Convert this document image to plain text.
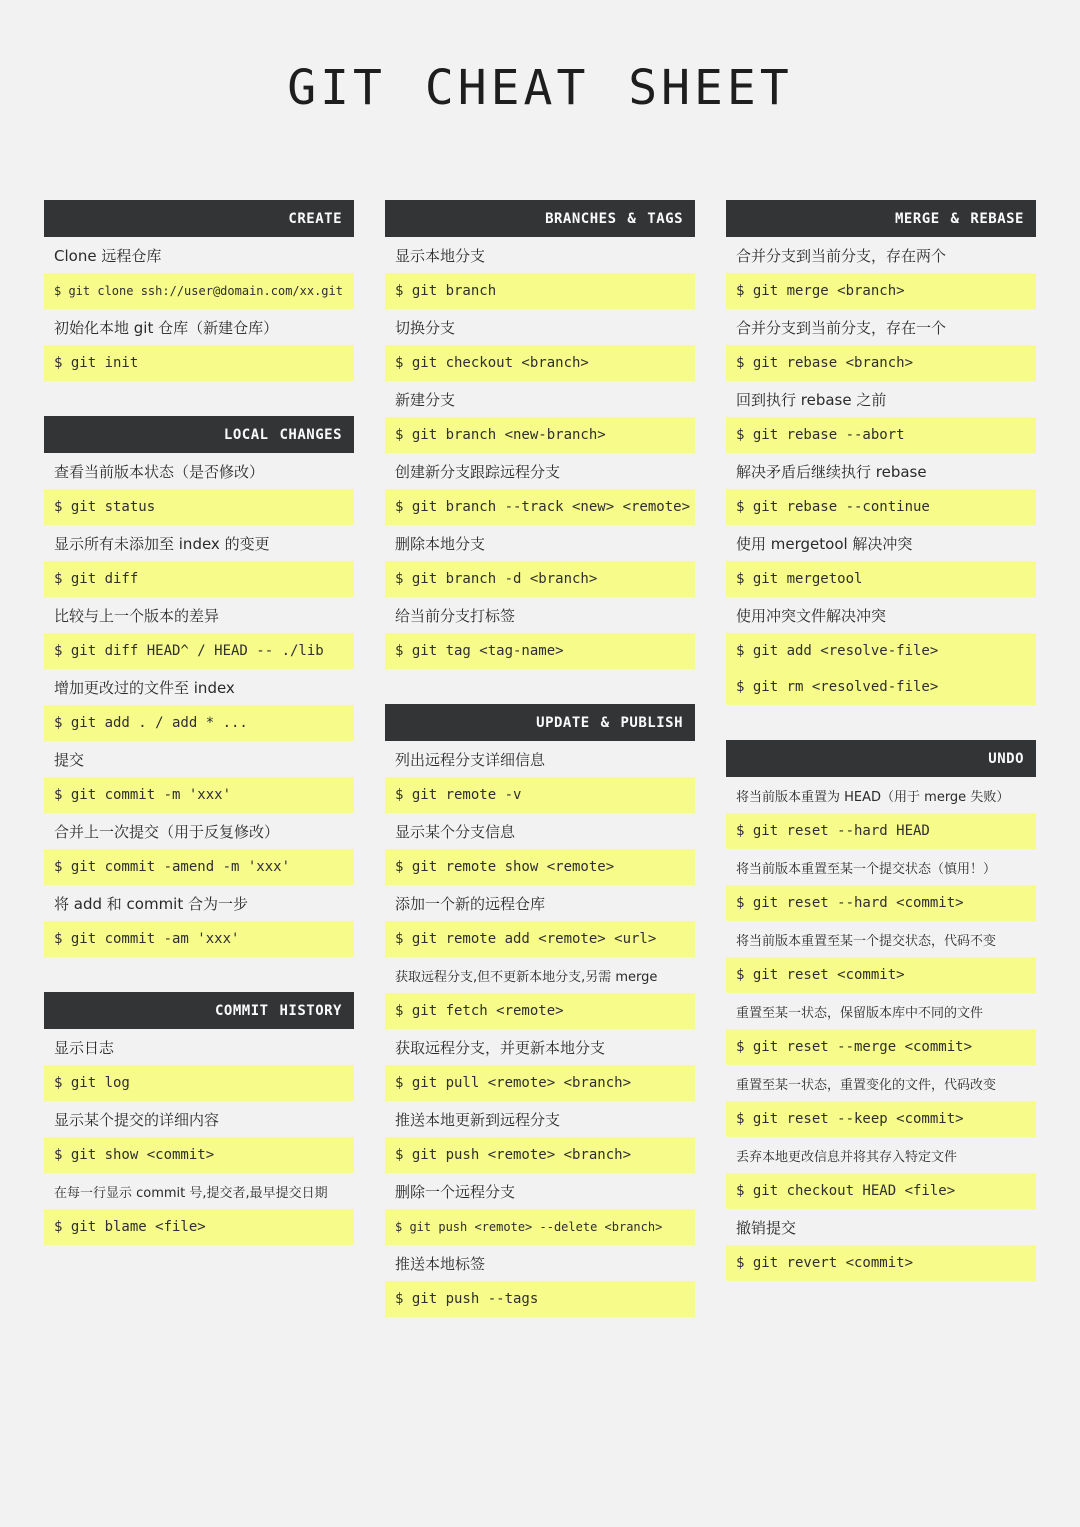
GIT CHEAT SHEET
CREATE
Clone 远程仓库
$ git clone ssh://user@domain.com/xx.git
初始化本地 git 仓库（新建仓库）
$ git init
LOCAL CHANGES
查看当前版本状态（是否修改）
$ git status
显示所有未添加至 index 的变更
$ git diff
比较与上一个版本的差异
$ git diff HEAD^ / HEAD -- ./lib
增加更改过的文件至 index
$ git add . / add * ...
提交
$ git commit -m 'xxx'
合并上一次提交（用于反复修改）
$ git commit -amend -m 'xxx'
将 add 和 commit 合为一步
$ git commit -am 'xxx'
COMMIT HISTORY
显示日志
$ git log
显示某个提交的详细内容
$ git show <commit>
在每一行显示 commit 号,提交者,最早提交日期
$ git blame <file>
BRANCHES & TAGS
显示本地分支
$ git branch
切换分支
$ git checkout <branch>
新建分支
$ git branch <new-branch>
创建新分支跟踪远程分支
$ git branch --track <new> <remote>
删除本地分支
$ git branch -d <branch>
给当前分支打标签
$ git tag <tag-name>
UPDATE & PUBLISH
列出远程分支详细信息
$ git remote -v
显示某个分支信息
$ git remote show <remote>
添加一个新的远程仓库
$ git remote add <remote> <url>
获取远程分支,但不更新本地分支,另需 merge
$ git fetch <remote>
获取远程分支，并更新本地分支
$ git pull <remote> <branch>
推送本地更新到远程分支
$ git push <remote> <branch>
删除一个远程分支
$ git push <remote> --delete <branch>
推送本地标签
$ git push --tags
MERGE & REBASE
合并分支到当前分支，存在两个
$ git merge <branch>
合并分支到当前分支，存在一个
$ git rebase <branch>
回到执行 rebase 之前
$ git rebase --abort
解决矛盾后继续执行 rebase
$ git rebase --continue
使用 mergetool 解决冲突
$ git mergetool
使用冲突文件解决冲突
$ git add <resolve-file>
$ git rm <resolved-file>
UNDO
将当前版本重置为 HEAD（用于 merge 失败）
$ git reset --hard HEAD
将当前版本重置至某一个提交状态（慎用！）
$ git reset --hard <commit>
将当前版本重置至某一个提交状态，代码不变
$ git reset <commit>
重置至某一状态，保留版本库中不同的文件
$ git reset --merge <commit>
重置至某一状态，重置变化的文件，代码改变
$ git reset --keep <commit>
丢弃本地更改信息并将其存入特定文件
$ git checkout HEAD <file>
撤销提交
$ git revert <commit>
